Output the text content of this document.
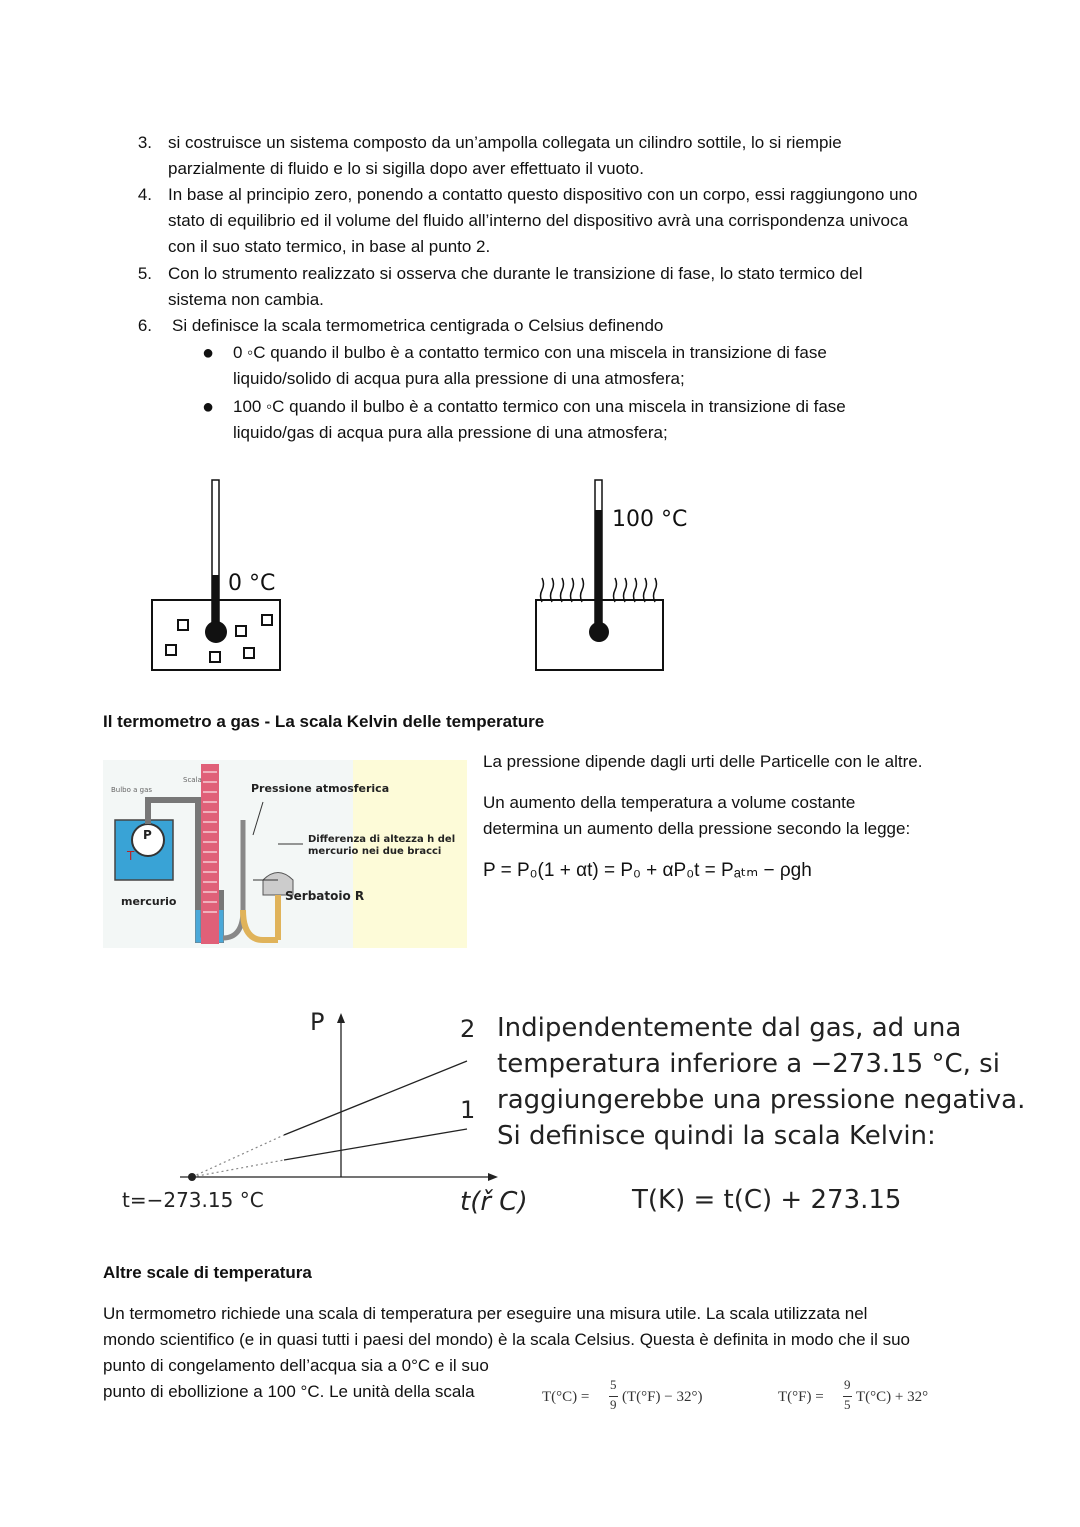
3. si costruisce un sistema composto da un’ampolla collegata un cilindro sottile, lo si riempie
parzialmente di fluido e lo si sigilla dopo aver effettuato il vuoto.
4. In base al principio zero, ponendo a contatto questo dispositivo con un corpo, essi raggiungono uno
stato di equilibrio ed il volume del fluido all’interno del dispositivo avrà una corrispondenza univoca
con il suo stato termico, in base al punto 2.
5. Con lo strumento realizzato si osserva che durante le transizione di fase, lo stato termico del
sistema non cambia.
6. Si definisce la scala termometrica centigrada o Celsius definendo
● 0 ◦C quando il bulbo è a contatto termico con una miscela in transizione di fase
liquido/solido di acqua pura alla pressione di una atmosfera;
● 100 ◦C quando il bulbo è a contatto termico con una miscela in transizione di fase
liquido/gas di acqua pura alla pressione di una atmosfera;
0 °C
100 °C
Il termometro a gas - La scala Kelvin delle temperature
Bulbo a gas
Scala
Pressione atmosferica
Differenza di altezza h del
mercurio nei due bracci
Serbatoio R
mercurio
P
T
La pressione dipende dagli urti delle Particelle con le altre.
Un aumento della temperatura a volume costante
determina un aumento della pressione secondo la legge:
P = P₀(1 + αt) = P₀ + αP₀t = Pₐₜₘ − ρgh
P	2
1
t=−273.15 °C	t(ř C)
Indipendentemente dal gas, ad una
temperatura inferiore a −273.15 °C, si
raggiungerebbe una pressione negativa.
Si definisce quindi la scala Kelvin:
T(K) = t(C) + 273.15
Altre scale di temperatura
Un termometro richiede una scala di temperatura per eseguire una misura utile. La scala utilizzata nel
mondo scientifico (e in quasi tutti i paesi del mondo) è la scala Celsius. Questa è definita in modo che il suo
punto di congelamento dell’acqua sia a 0°C e il suo
punto di ebollizione a 100 °C. Le unità della scala	T(°C) =
5
9 (T(°F) − 32°)	T(°F) =
9
5 T(°C) + 32°
